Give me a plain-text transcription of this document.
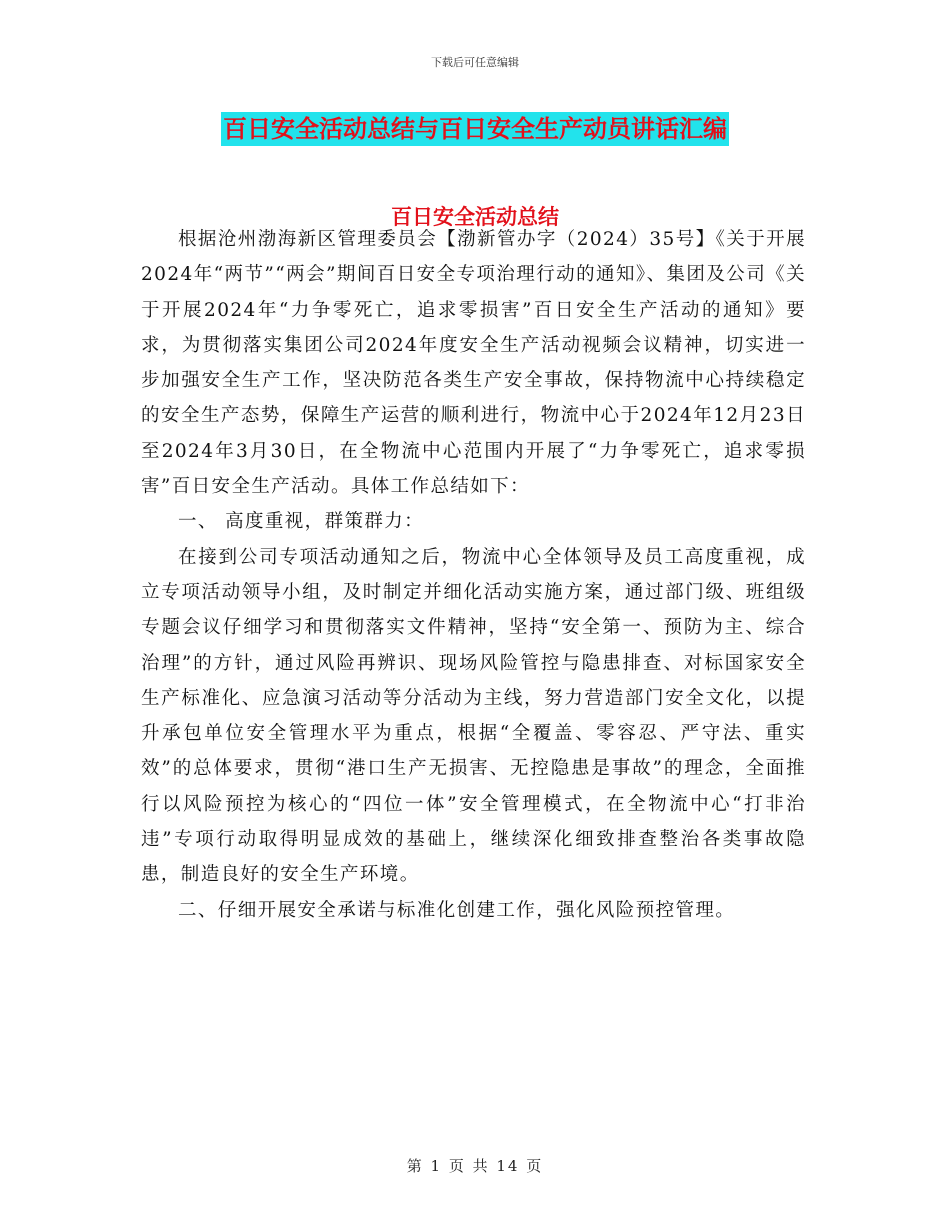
下载后可任意编辑
百日安全活动总结与百日安全生产动员讲话汇编
百日安全活动总结

根据沧州渤海新区管理委员会【渤新管办字（2024）35号】《关于开展2024年“两节”“两会”期间百日安全专项治理行动的通知》、集团及公司《关于开展2024年“力争零死亡，追求零损害”百日安全生产活动的通知》要求，为贯彻落实集团公司2024年度安全生产活动视频会议精神，切实进一步加强安全生产工作，坚决防范各类生产安全事故，保持物流中心持续稳定的安全生产态势，保障生产运营的顺利进行，物流中心于2024年12月23日至2024年3月30日，在全物流中心范围内开展了“力争零死亡，追求零损害”百日安全生产活动。具体工作总结如下：

一、 高度重视，群策群力：

在接到公司专项活动通知之后，物流中心全体领导及员工高度重视，成立专项活动领导小组，及时制定并细化活动实施方案，通过部门级、班组级专题会议仔细学习和贯彻落实文件精神，坚持“安全第一、预防为主、综合治理”的方针，通过风险再辨识、现场风险管控与隐患排查、对标国家安全生产标准化、应急演习活动等分活动为主线，努力营造部门安全文化，以提升承包单位安全管理水平为重点，根据“全覆盖、零容忍、严守法、重实效”的总体要求，贯彻“港口生产无损害、无控隐患是事故”的理念，全面推行以风险预控为核心的“四位一体”安全管理模式，在全物流中心“打非治违”专项行动取得明显成效的基础上，继续深化细致排查整治各类事故隐患，制造良好的安全生产环境。

二、仔细开展安全承诺与标准化创建工作，强化风险预控管理。

第 1 页 共 14 页
